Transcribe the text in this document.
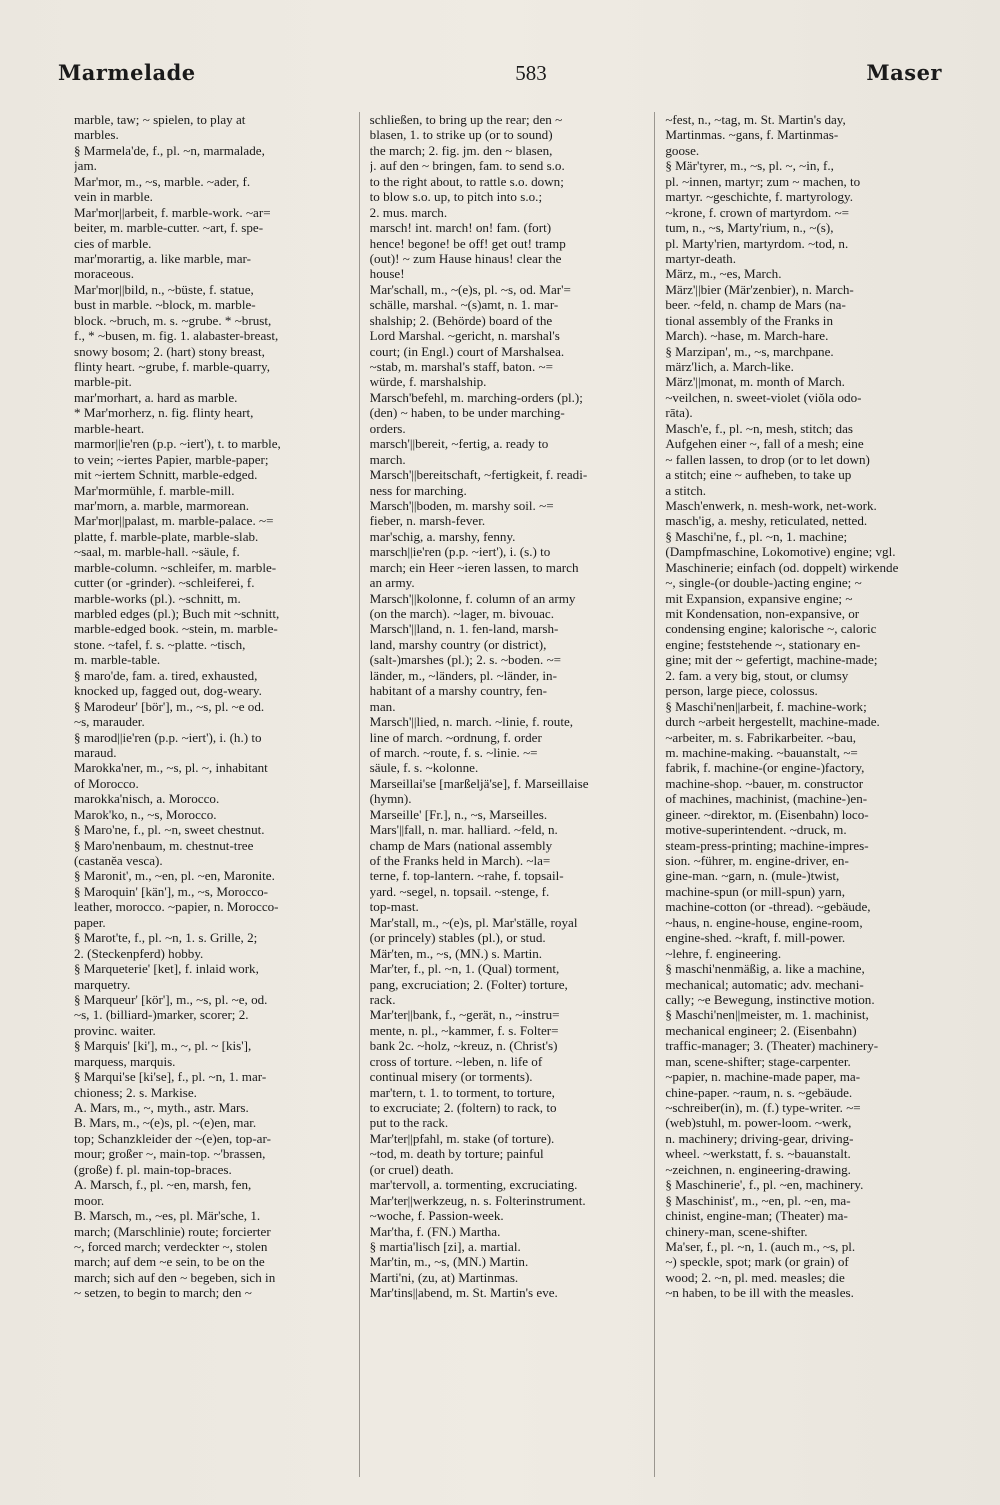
Marmelade	583	Maser
marble, taw; ~ spielen, to play at
marbles.
§ Marmela'de, f., pl. ~n, marmalade,
jam.
Mar'mor, m., ~s, marble. ~ader, f.
vein in marble.
Mar'mor||arbeit, f. marble-work. ~ar=
beiter, m. marble-cutter. ~art, f. spe-
cies of marble.
mar'morartig, a. like marble, mar-
moraceous.
Mar'mor||bild, n., ~büste, f. statue,
bust in marble. ~block, m. marble-
block. ~bruch, m. s. ~grube. * ~brust,
f., * ~busen, m. fig. 1. alabaster-breast,
snowy bosom; 2. (hart) stony breast,
flinty heart. ~grube, f. marble-quarry,
marble-pit.
mar'morhart, a. hard as marble.
* Mar'morherz, n. fig. flinty heart,
marble-heart.
marmor||ie'ren (p.p. ~iert'), t. to marble,
to vein; ~iertes Papier, marble-paper;
mit ~iertem Schnitt, marble-edged.
Mar'mormühle, f. marble-mill.
mar'morn, a. marble, marmorean.
Mar'mor||palast, m. marble-palace. ~=
platte, f. marble-plate, marble-slab.
~saal, m. marble-hall. ~säule, f.
marble-column. ~schleifer, m. marble-
cutter (or -grinder). ~schleiferei, f.
marble-works (pl.). ~schnitt, m.
marbled edges (pl.); Buch mit ~schnitt,
marble-edged book. ~stein, m. marble-
stone. ~tafel, f. s. ~platte. ~tisch,
m. marble-table.
§ maro'de, fam. a. tired, exhausted,
knocked up, fagged out, dog-weary.
§ Marodeur' [bör'], m., ~s, pl. ~e od.
~s, marauder.
§ marod||ie'ren (p.p. ~iert'), i. (h.) to
maraud.
Marokka'ner, m., ~s, pl. ~, inhabitant
of Morocco.
marokka'nisch, a. Morocco.
Marok'ko, n., ~s, Morocco.
§ Maro'ne, f., pl. ~n, sweet chestnut.
§ Maro'nenbaum, m. chestnut-tree
(castanĕa vesca).
§ Maronit', m., ~en, pl. ~en, Maronite.
§ Maroquin' [kän'], m., ~s, Morocco-
leather, morocco. ~papier, n. Morocco-
paper.
§ Marot'te, f., pl. ~n, 1. s. Grille, 2;
2. (Steckenpferd) hobby.
§ Marqueterie' [ket], f. inlaid work,
marquetry.
§ Marqueur' [kör'], m., ~s, pl. ~e, od.
~s, 1. (billiard-)marker, scorer; 2.
provinc. waiter.
§ Marquis' [ki'], m., ~, pl. ~ [kis'],
marquess, marquis.
§ Marqui'se [ki'se], f., pl. ~n, 1. mar-
chioness; 2. s. Markise.
A. Mars, m., ~, myth., astr. Mars.
B. Mars, m., ~(e)s, pl. ~(e)en, mar.
top; Schanzkleider der ~(e)en, top-ar-
mour; großer ~, main-top. ~'brassen,
(große) f. pl. main-top-braces.
A. Marsch, f., pl. ~en, marsh, fen,
moor.
B. Marsch, m., ~es, pl. Mär'sche, 1.
march; (Marschlinie) route; forcierter
~, forced march; verdeckter ~, stolen
march; auf dem ~e sein, to be on the
march; sich auf den ~ begeben, sich in
~ setzen, to begin to march; den ~
schließen, to bring up the rear; den ~
blasen, 1. to strike up (or to sound)
the march; 2. fig. jm. den ~ blasen,
j. auf den ~ bringen, fam. to send s.o.
to the right about, to rattle s.o. down;
to blow s.o. up, to pitch into s.o.;
2. mus. march.
marsch! int. march! on! fam. (fort)
hence! begone! be off! get out! tramp
(out)! ~ zum Hause hinaus! clear the
house!
Mar'schall, m., ~(e)s, pl. ~s, od. Mar'=
schälle, marshal. ~(s)amt, n. 1. mar-
shalship; 2. (Behörde) board of the
Lord Marshal. ~gericht, n. marshal's
court; (in Engl.) court of Marshalsea.
~stab, m. marshal's staff, baton. ~=
würde, f. marshalship.
Marsch'befehl, m. marching-orders (pl.);
(den) ~ haben, to be under marching-
orders.
marsch'||bereit, ~fertig, a. ready to
march.
Marsch'||bereitschaft, ~fertigkeit, f. readi-
ness for marching.
Marsch'||boden, m. marshy soil. ~=
fieber, n. marsh-fever.
mar'schig, a. marshy, fenny.
marsch||ie'ren (p.p. ~iert'), i. (s.) to
march; ein Heer ~ieren lassen, to march
an army.
Marsch'||kolonne, f. column of an army
(on the march). ~lager, m. bivouac.
Marsch'||land, n. 1. fen-land, marsh-
land, marshy country (or district),
(salt-)marshes (pl.); 2. s. ~boden. ~=
länder, m., ~länders, pl. ~länder, in-
habitant of a marshy country, fen-
man.
Marsch'||lied, n. march. ~linie, f. route,
line of march. ~ordnung, f. order
of march. ~route, f. s. ~linie. ~=
säule, f. s. ~kolonne.
Marseillai'se [marßeljä'se], f. Marseillaise
(hymn).
Marseille' [Fr.], n., ~s, Marseilles.
Mars'||fall, n. mar. halliard. ~feld, n.
champ de Mars (national assembly
of the Franks held in March). ~la=
terne, f. top-lantern. ~rahe, f. topsail-
yard. ~segel, n. topsail. ~stenge, f.
top-mast.
Mar'stall, m., ~(e)s, pl. Mar'ställe, royal
(or princely) stables (pl.), or stud.
Mär'ten, m., ~s, (MN.) s. Martin.
Mar'ter, f., pl. ~n, 1. (Qual) torment,
pang, excruciation; 2. (Folter) torture,
rack.
Mar'ter||bank, f., ~gerät, n., ~instru=
mente, n. pl., ~kammer, f. s. Folter=
bank 2c. ~holz, ~kreuz, n. (Christ's)
cross of torture. ~leben, n. life of
continual misery (or torments).
mar'tern, t. 1. to torment, to torture,
to excruciate; 2. (foltern) to rack, to
put to the rack.
Mar'ter||pfahl, m. stake (of torture).
~tod, m. death by torture; painful
(or cruel) death.
mar'tervoll, a. tormenting, excruciating.
Mar'ter||werkzeug, n. s. Folterinstrument.
~woche, f. Passion-week.
Mar'tha, f. (FN.) Martha.
§ martia'lisch [zi], a. martial.
Mar'tin, m., ~s, (MN.) Martin.
Marti'ni, (zu, at) Martinmas.
Mar'tins||abend, m. St. Martin's eve.
~fest, n., ~tag, m. St. Martin's day,
Martinmas. ~gans, f. Martinmas-
goose.
§ Mär'tyrer, m., ~s, pl. ~, ~in, f.,
pl. ~innen, martyr; zum ~ machen, to
martyr. ~geschichte, f. martyrology.
~krone, f. crown of martyrdom. ~=
tum, n., ~s, Marty'rium, n., ~(s),
pl. Marty'rien, martyrdom. ~tod, n.
martyr-death.
März, m., ~es, March.
März'||bier (Mär'zenbier), n. March-
beer. ~feld, n. champ de Mars (na-
tional assembly of the Franks in
March). ~hase, m. March-hare.
§ Marzipan', m., ~s, marchpane.
märz'lich, a. March-like.
März'||monat, m. month of March.
~veilchen, n. sweet-violet (viŏla odo-
rāta).
Masch'e, f., pl. ~n, mesh, stitch; das
Aufgehen einer ~, fall of a mesh; eine
~ fallen lassen, to drop (or to let down)
a stitch; eine ~ aufheben, to take up
a stitch.
Masch'enwerk, n. mesh-work, net-work.
masch'ig, a. meshy, reticulated, netted.
§ Maschi'ne, f., pl. ~n, 1. machine;
(Dampfmaschine, Lokomotive) engine; vgl.
Maschinerie; einfach (od. doppelt) wirkende
~, single-(or double-)acting engine; ~
mit Expansion, expansive engine; ~
mit Kondensation, non-expansive, or
condensing engine; kalorische ~, caloric
engine; feststehende ~, stationary en-
gine; mit der ~ gefertigt, machine-made;
2. fam. a very big, stout, or clumsy
person, large piece, colossus.
§ Maschi'nen||arbeit, f. machine-work;
durch ~arbeit hergestellt, machine-made.
~arbeiter, m. s. Fabrikarbeiter. ~bau,
m. machine-making. ~bauanstalt, ~=
fabrik, f. machine-(or engine-)factory,
machine-shop. ~bauer, m. constructor
of machines, machinist, (machine-)en-
gineer. ~direktor, m. (Eisenbahn) loco-
motive-superintendent. ~druck, m.
steam-press-printing; machine-impres-
sion. ~führer, m. engine-driver, en-
gine-man. ~garn, n. (mule-)twist,
machine-spun (or mill-spun) yarn,
machine-cotton (or -thread). ~gebäude,
~haus, n. engine-house, engine-room,
engine-shed. ~kraft, f. mill-power.
~lehre, f. engineering.
§ maschi'nenmäßig, a. like a machine,
mechanical; automatic; adv. mechani-
cally; ~e Bewegung, instinctive motion.
§ Maschi'nen||meister, m. 1. machinist,
mechanical engineer; 2. (Eisenbahn)
traffic-manager; 3. (Theater) machinery-
man, scene-shifter; stage-carpenter.
~papier, n. machine-made paper, ma-
chine-paper. ~raum, n. s. ~gebäude.
~schreiber(in), m. (f.) type-writer. ~=
(web)stuhl, m. power-loom. ~werk,
n. machinery; driving-gear, driving-
wheel. ~werkstatt, f. s. ~bauanstalt.
~zeichnen, n. engineering-drawing.
§ Maschinerie', f., pl. ~en, machinery.
§ Maschinist', m., ~en, pl. ~en, ma-
chinist, engine-man; (Theater) ma-
chinery-man, scene-shifter.
Ma'ser, f., pl. ~n, 1. (auch m., ~s, pl.
~) speckle, spot; mark (or grain) of
wood; 2. ~n, pl. med. measles; die
~n haben, to be ill with the measles.
